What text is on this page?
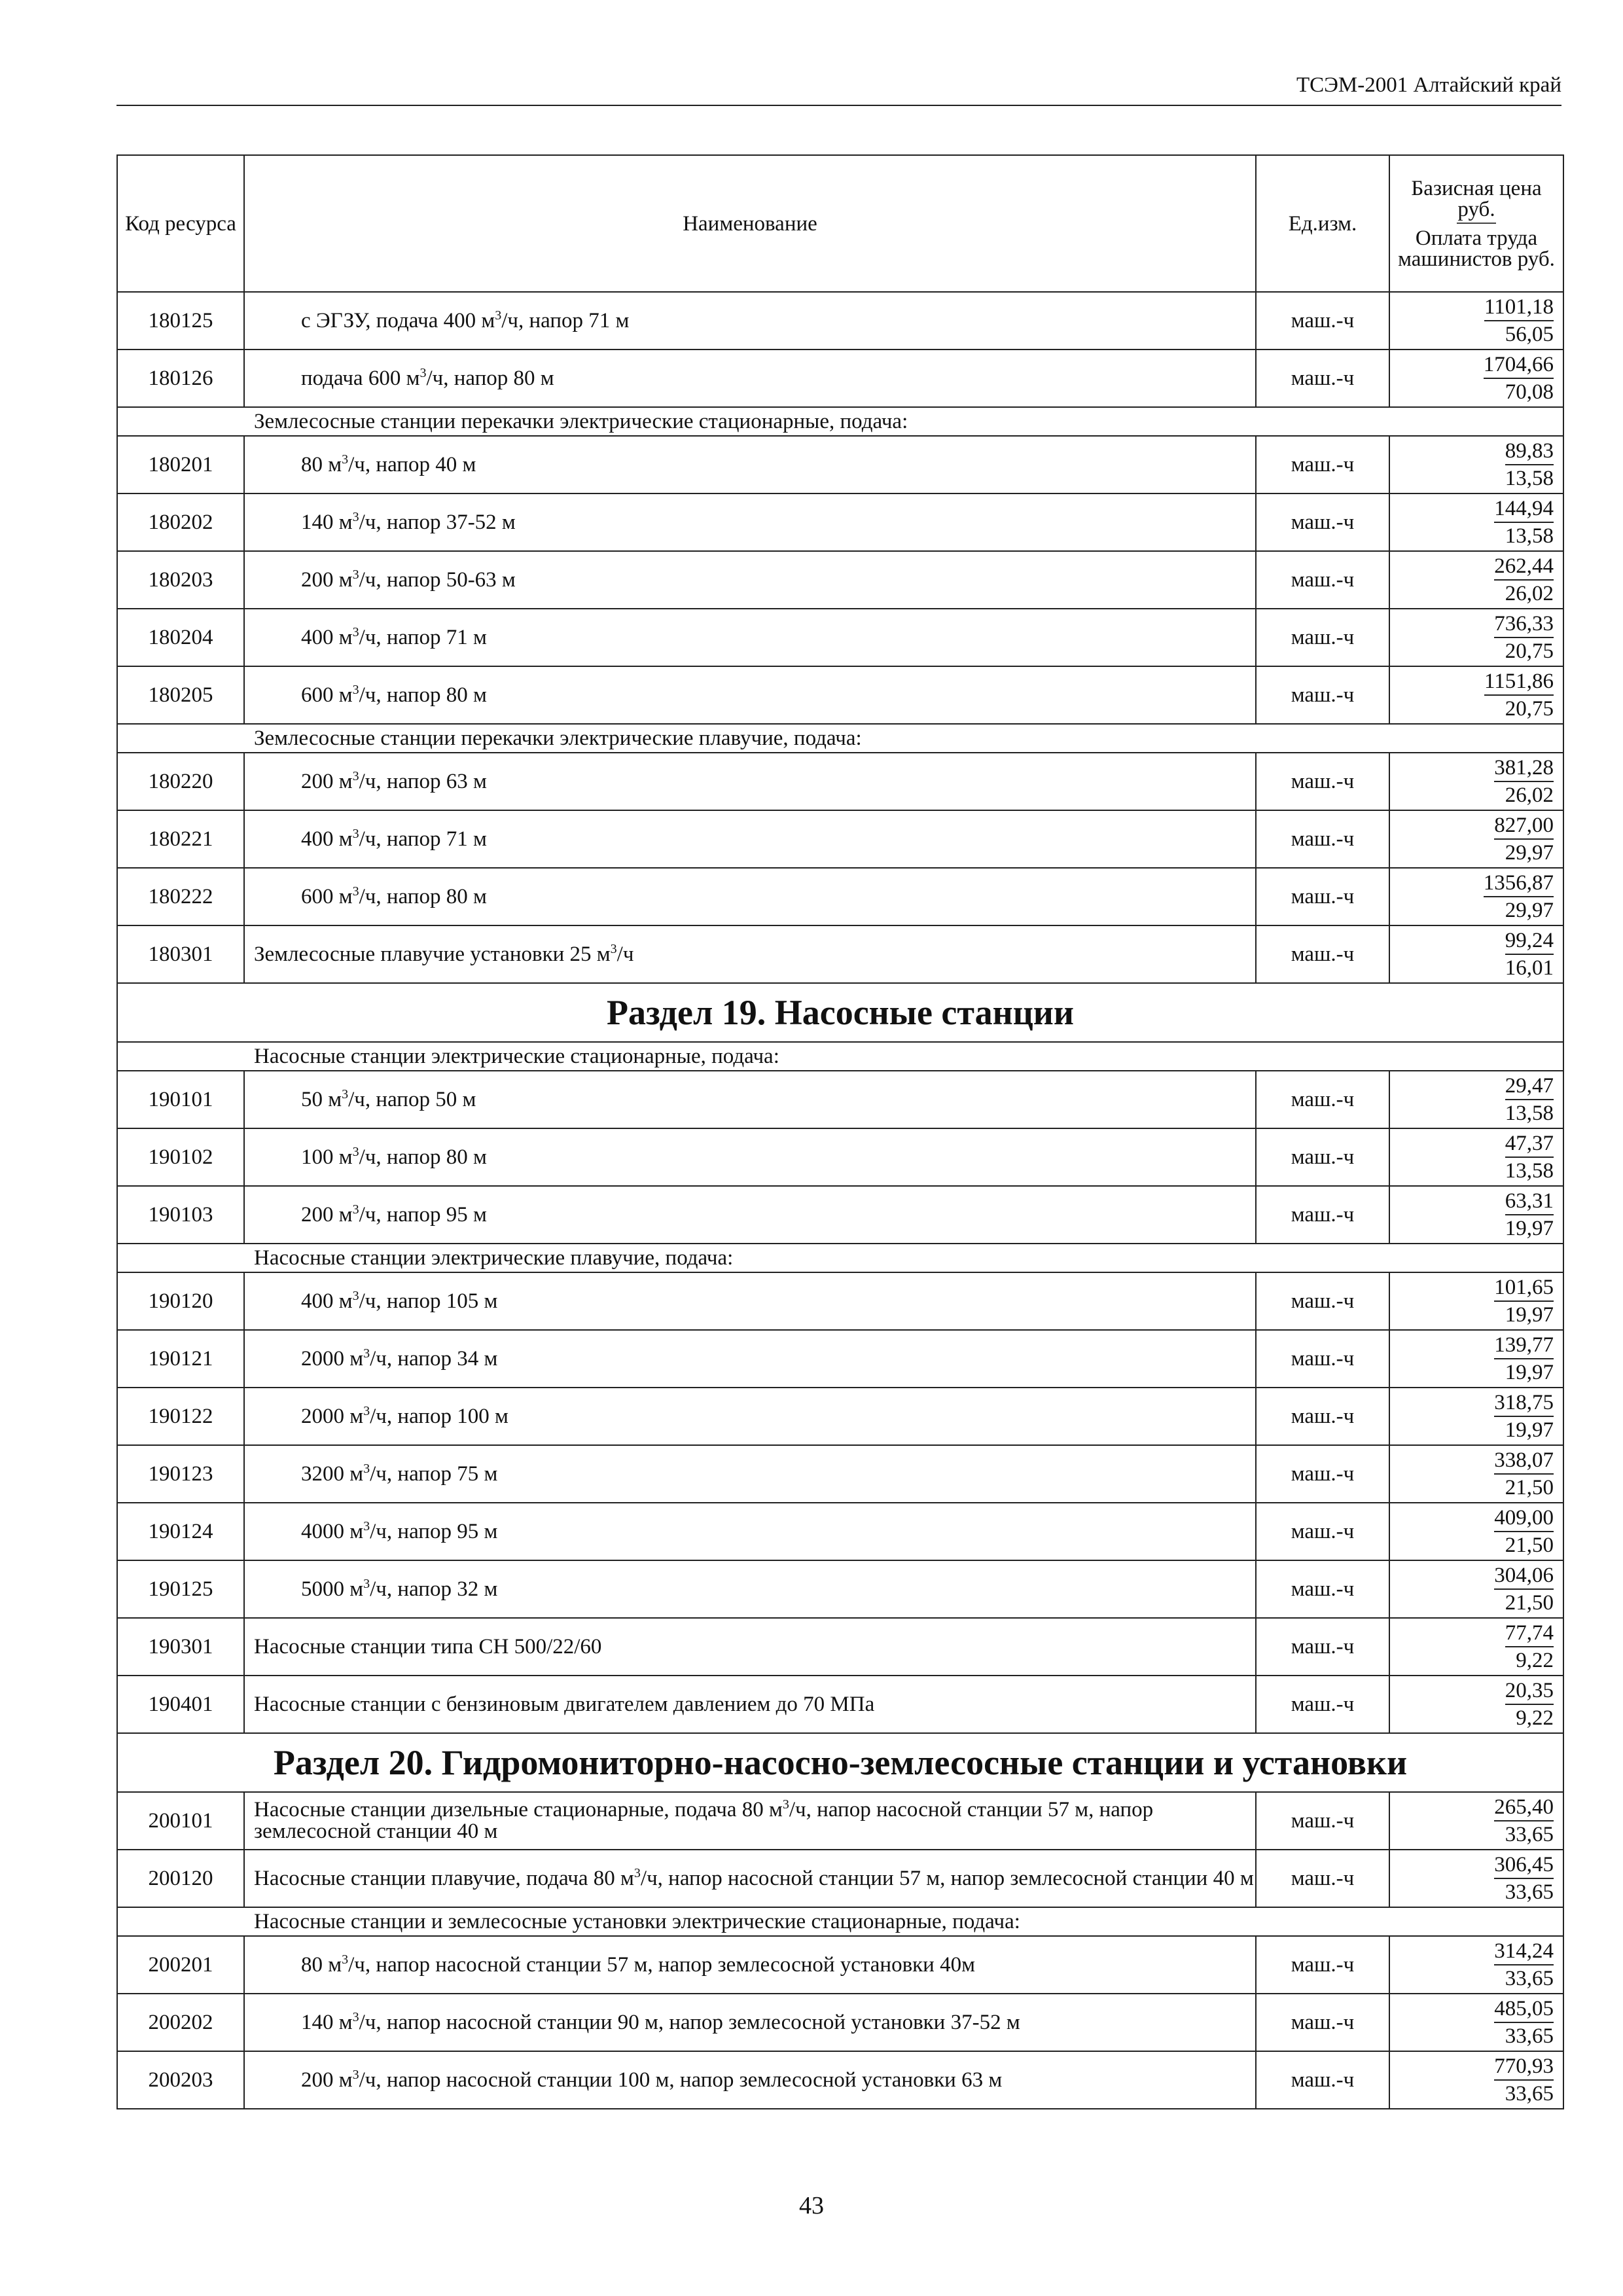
ТСЭМ-2001 Алтайский край
Код ресурса	Наименование	Ед.изм.	Базисная цена руб.
Оплата труда машинистов руб.
180125	с ЭГЗУ, подача 400 $м^3/ч$, напор 71 м	маш.-ч	$\frac{1101,18}{56,05}$

180126	подача 600 $м^3/ч$, напор 80 м	маш.-ч	$\frac{1704,66}{70,08}$

Землесосные станции перекачки электрические стационарные, подача:			
180201	80 $м^3/ч$, напор 40 м	маш.-ч	$\frac{89,83}{13,58}$

180202	140 $м^3/ч$, напор 37-52 м	маш.-ч	$\frac{144,94}{13,58}$

180203	200 $м^3/ч$, напор 50-63 м	маш.-ч	$\frac{262,44}{26,02}$

180204	400 $м^3/ч$, напор 71 м	маш.-ч	$\frac{736,33}{20,75}$

180205	600 $м^3/ч$, напор 80 м	маш.-ч	$\frac{1151,86}{20,75}$

Землесосные станции перекачки электрические плавучие, подача:			
180220	200 $м^3/ч$, напор 63 м	маш.-ч	$\frac{381,28}{26,02}$

180221	400 $м^3/ч$, напор 71 м	маш.-ч	$\frac{827,00}{29,97}$

180222	600 $м^3/ч$, напор 80 м	маш.-ч	$\frac{1356,87}{29,97}$

180301	Землесосные плавучие установки 25 $м^3/ч$	маш.-ч	$\frac{99,24}{16,01}$

Раздел 19. Насосные станции			
Насосные станции электрические стационарные, подача:			
190101	50 $м^3/ч$, напор 50 м	маш.-ч	$\frac{29,47}{13,58}$

190102	100 $м^3/ч$, напор 80 м	маш.-ч	$\frac{47,37}{13,58}$

190103	200 $м^3/ч$, напор 95 м	маш.-ч	$\frac{63,31}{19,97}$

Насосные станции электрические плавучие, подача:			
190120	400 $м^3/ч$, напор 105 м	маш.-ч	$\frac{101,65}{19,97}$

190121	2000 $м^3/ч$, напор 34 м	маш.-ч	$\frac{139,77}{19,97}$

190122	2000 $м^3/ч$, напор 100 м	маш.-ч	$\frac{318,75}{19,97}$

190123	3200 $м^3/ч$, напор 75 м	маш.-ч	$\frac{338,07}{21,50}$

190124	4000 $м^3/ч$, напор 95 м	маш.-ч	$\frac{409,00}{21,50}$

190125	5000 $м^3/ч$, напор 32 м	маш.-ч	$\frac{304,06}{21,50}$

190301	Насосные станции типа СН 500/22/60	маш.-ч	$\frac{77,74}{9,22}$

190401	Насосные станции с бензиновым двигателем давлением до 70 МПа	маш.-ч	$\frac{20,35}{9,22}$

Раздел 20. Гидромониторно-насосно-землесосные станции и установки			
200101	Насосные станции дизельные стационарные, подача 80 $м^3/ч$, напор насосной станции 57 м, напор землесосной станции 40 м	маш.-ч	$\frac{265,40}{33,65}$

200120	Насосные станции плавучие, подача 80 $м^3/ч$, напор насосной станции 57 м, напор землесосной станции 40 м	маш.-ч	$\frac{306,45}{33,65}$

Насосные станции и землесосные установки электрические стационарные, подача:			
200201	80 $м^3/ч$, напор насосной станции 57 м, напор землесосной установки 40м	маш.-ч	$\frac{314,24}{33,65}$

200202	140 $м^3/ч$, напор насосной станции 90 м, напор землесосной установки 37-52 м	маш.-ч	$\frac{485,05}{33,65}$

200203	200 $м^3/ч$, напор насосной станции 100 м, напор землесосной установки 63 м	маш.-ч	$\frac{770,93}{33,65}$
43
